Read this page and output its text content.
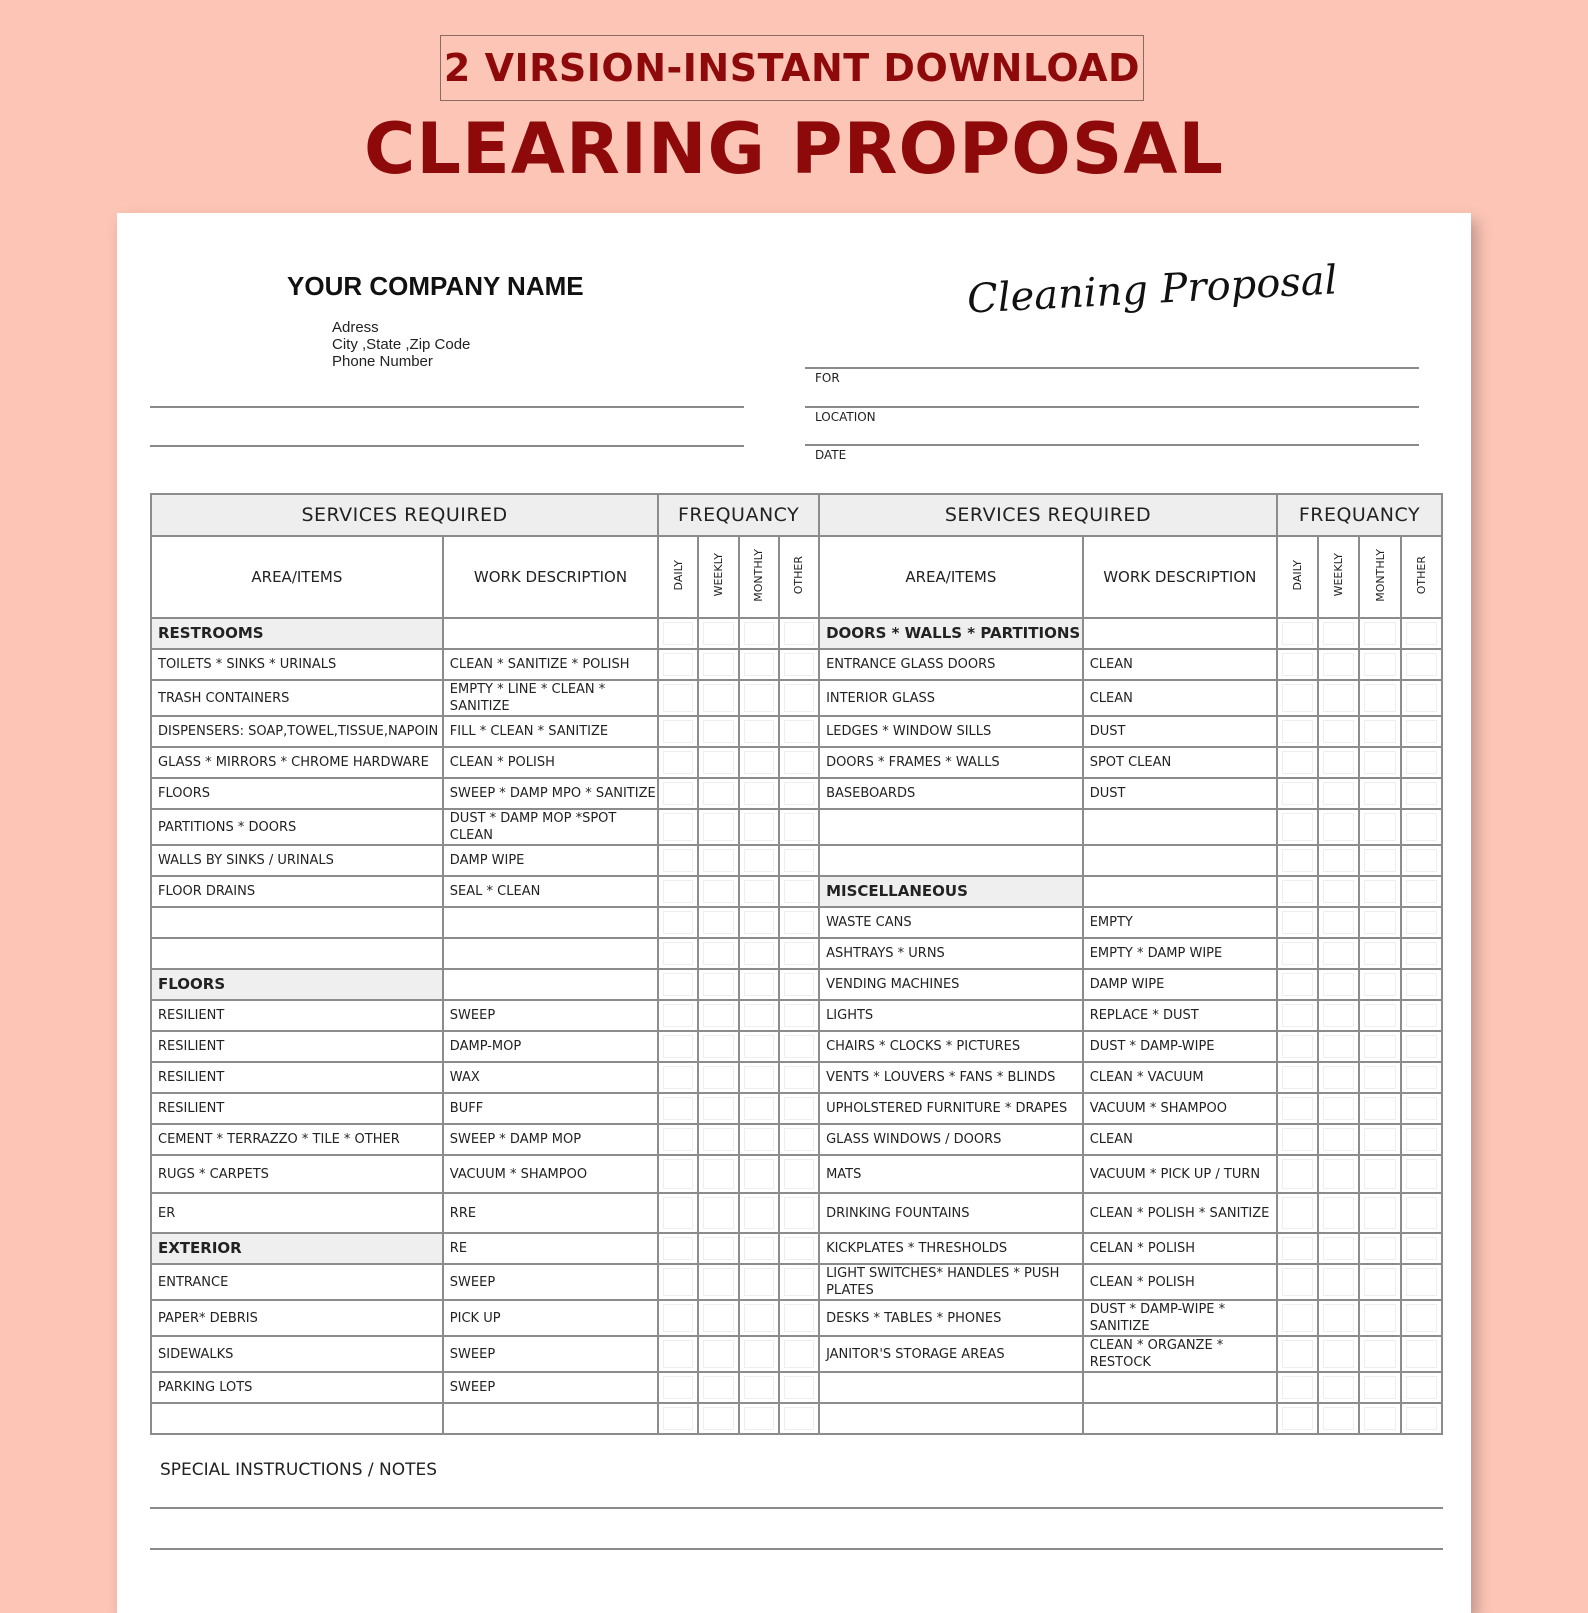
2 VIRSION-INSTANT DOWNLOAD
CLEARING PROPOSAL
YOUR COMPANY NAME
Adress
City ,State ,Zip Code
Phone Number
Cleaning Proposal
FOR
LOCATION
DATE
SERVICES REQUIRED		FREQUANCY				SERVICES REQUIRED		FREQUANCY			
AREA/ITEMS	WORK DESCRIPTION	DAILY	WEEKLY	MONTHLY	OTHER	AREA/ITEMS	WORK DESCRIPTION	DAILY	WEEKLY	MONTHLY	OTHER
RESTROOMS						DOORS * WALLS * PARTITIONS					
TOILETS * SINKS * URINALS	CLEAN * SANITIZE * POLISH					ENTRANCE GLASS DOORS	CLEAN				
TRASH CONTAINERS	EMPTY * LINE * CLEAN * SANITIZE					INTERIOR GLASS	CLEAN				
DISPENSERS: SOAP,TOWEL,TISSUE,NAPOIN	FILL * CLEAN * SANITIZE					LEDGES * WINDOW SILLS	DUST				
GLASS * MIRRORS * CHROME HARDWARE	CLEAN * POLISH					DOORS * FRAMES * WALLS	SPOT CLEAN				
FLOORS	SWEEP * DAMP MPO * SANITIZE					BASEBOARDS	DUST				
PARTITIONS * DOORS	DUST * DAMP MOP *SPOT CLEAN										
WALLS BY SINKS / URINALS	DAMP WIPE										
FLOOR DRAINS	SEAL * CLEAN					MISCELLANEOUS					
						WASTE CANS	EMPTY				
						ASHTRAYS * URNS	EMPTY * DAMP WIPE				
FLOORS						VENDING MACHINES	DAMP WIPE				
RESILIENT	SWEEP					LIGHTS	REPLACE * DUST				
RESILIENT	DAMP-MOP					CHAIRS * CLOCKS * PICTURES	DUST * DAMP-WIPE				
RESILIENT	WAX					VENTS * LOUVERS * FANS * BLINDS	CLEAN * VACUUM				
RESILIENT	BUFF					UPHOLSTERED FURNITURE * DRAPES	VACUUM * SHAMPOO				
CEMENT * TERRAZZO * TILE * OTHER	SWEEP * DAMP MOP					GLASS WINDOWS / DOORS	CLEAN				
RUGS * CARPETS	VACUUM * SHAMPOO					MATS	VACUUM * PICK UP / TURN				
ER	RRE					DRINKING FOUNTAINS	CLEAN * POLISH * SANITIZE				
EXTERIOR	RE					KICKPLATES * THRESHOLDS	CELAN * POLISH				
ENTRANCE	SWEEP					LIGHT SWITCHES* HANDLES * PUSH PLATES	CLEAN * POLISH				
PAPER* DEBRIS	PICK UP					DESKS * TABLES * PHONES	DUST * DAMP-WIPE * SANITIZE				
SIDEWALKS	SWEEP					JANITOR'S STORAGE AREAS	CLEAN * ORGANZE * RESTOCK				
PARKING LOTS	SWEEP										

SPECIAL INSTRUCTIONS / NOTES
